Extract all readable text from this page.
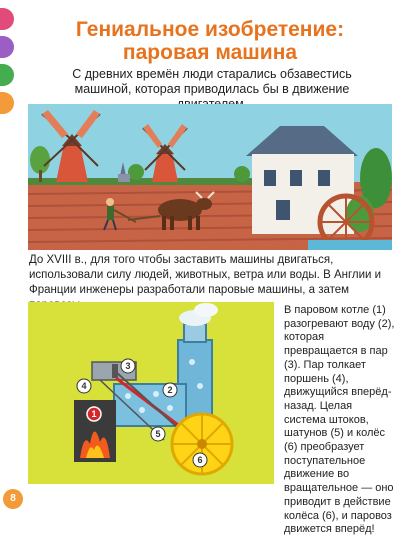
Гениальное изобретение:
паровая машина
С древних времён люди старались обзавестись машиной, которая приводилась бы в движение
До XVIII в., для того чтобы заставить машины двигаться, использовали силу людей, животных, ветра или воды. В Англии и Франции инженеры разработали паровые машины, а затем
1
2
3
4
5
6
В паровом котле (1) разогревают воду (2), которая превращается в пар (3). Пар толкает поршень (4), движущийся вперёд-назад. Целая система штоков, шатунов (5) и колёс (6) преобразует поступательное движение во вращательное — оно приводит в действие колёса (6), и паровоз движется вперёд!
8
